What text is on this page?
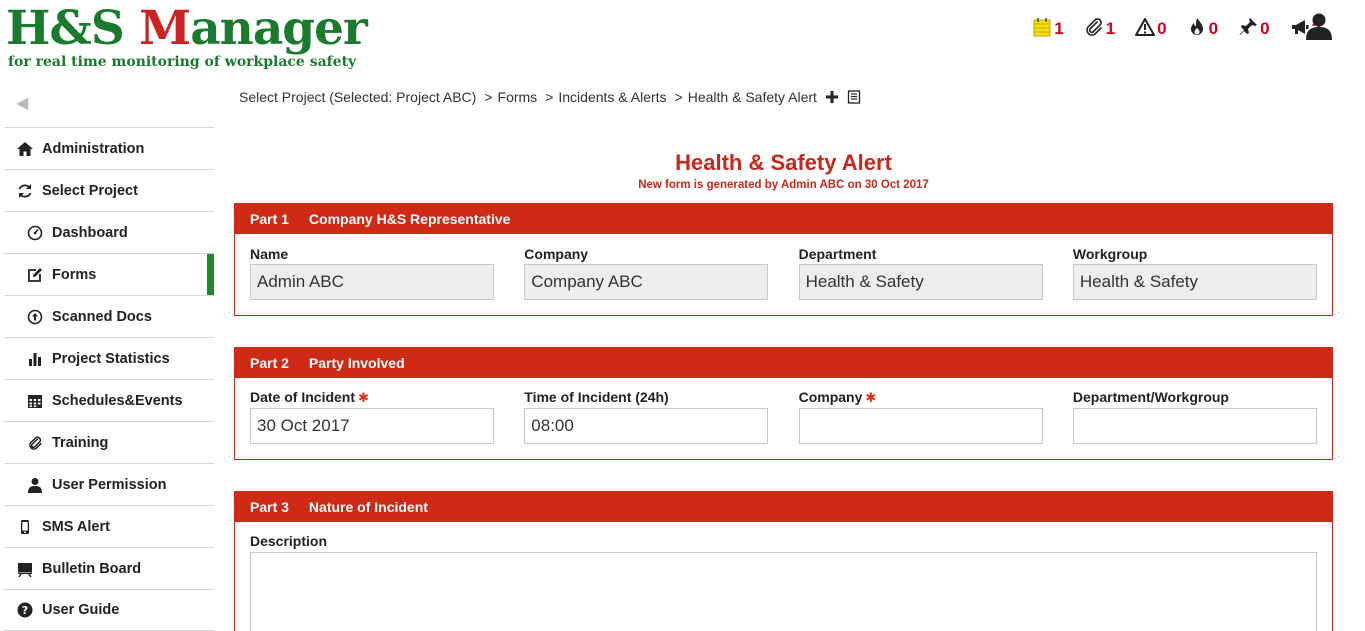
H&S Manager
for real time monitoring of workplace safety
1 1 0 0 0
◀
Administration
Select Project
Dashboard
Forms
Scanned Docs
Project Statistics
Schedules&Events
Training
User Permission
SMS Alert
Bulletin Board
? User Guide
Select Project (Selected: Project ABC) > Forms > Incidents & Alerts > Health & Safety Alert
Health & Safety Alert
New form is generated by Admin ABC on 30 Oct 2017
Part 1 Company H&S Representative
Name
Admin ABC
Company
Company ABC
Department
Health & Safety
Workgroup
Health & Safety
Part 2 Party Involved
Date of Incident ✱
30 Oct 2017
Time of Incident (24h)
08:00
Company ✱	Department/Workgroup
Part 3 Nature of Incident
Description
